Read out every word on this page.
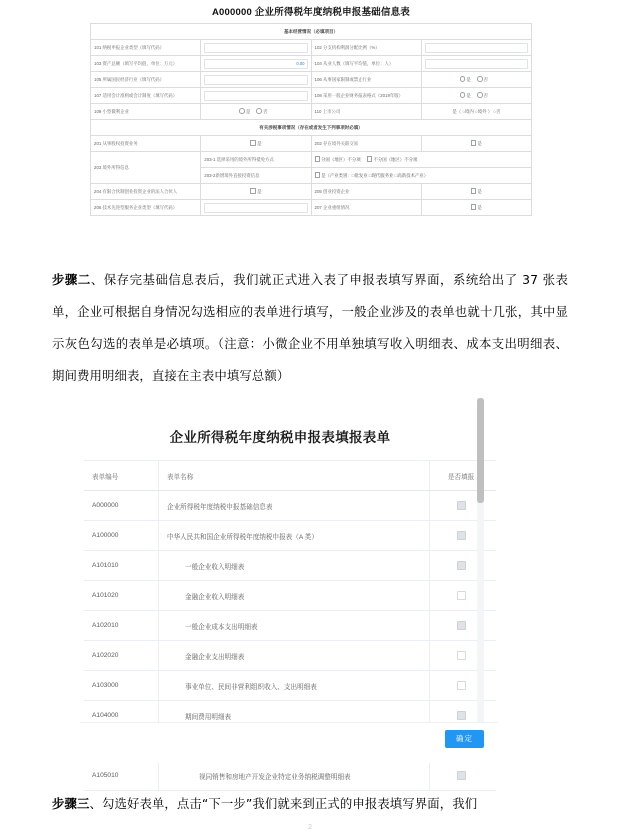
A000000 企业所得税年度纳税申报基础信息表
基本经营情况（必填项目）			
101 纳税申报企业类型（填写代码）		102 分支机构利润分配比例（%）	

103 资产总额（填写平均值，单位：万元）	0.00	104 从业人数（填写平均值，单位：人）	

105 所属国民经济行业（填写代码）		106 从事国家限制或禁止行业	是 否
107 适用会计准则或会计制度（填写代码）		108 采用一般企业财务报表格式（2019年版）	是 否
109 小型微利企业	是 否	110 上市公司	是（ ○境内 ○境外 ） ○否
有关涉税事项情况（存在或者发生下列事项时必填）			
201 从事股权投资业务	是	202 存在境外关联交易	是
203 境外所得信息	203-1 选择采用的境外所得抵免方式	分国（地区）不分项 不分国（地区）不分项	
	203-2新增境外直接投资信息	是（产业类别：□批发业 □现代服务业 □高新技术产业）	
204 有限合伙制创业投资企业的法人合伙人	是	205 创业投资企业	是
206 技术先进型服务企业类型（填写代码）		207 企业重组情况	是

步骤二、保存完基础信息表后，我们就正式进入表了申报表填写界面，系统给出了 37 张表单，企业可根据自身情况勾选相应的表单进行填写，一般企业涉及的表单也就十几张，其中显示灰色勾选的表单是必填项。（注意：小微企业不用单独填写收入明细表、成本支出明细表、期间费用明细表，直接在主表中填写总额）

企业所得税年度纳税申报表填报表单
表单编号	表单名称	是否填报
A000000	企业所得税年度纳税申报基础信息表	
A100000	中华人民共和国企业所得税年度纳税申报表（A 类）	
A101010	一般企业收入明细表	
A101020	金融企业收入明细表	
A102010	一般企业成本支出明细表	
A102020	金融企业支出明细表	
A103000	事业单位、民间非营利组织收入、支出明细表	
A104000	期间费用明细表	

A105010	视同销售和房地产开发企业特定业务纳税调整明细表	
确定

步骤三、勾选好表单，点击“下一步”我们就来到正式的申报表填写界面，我们

2
